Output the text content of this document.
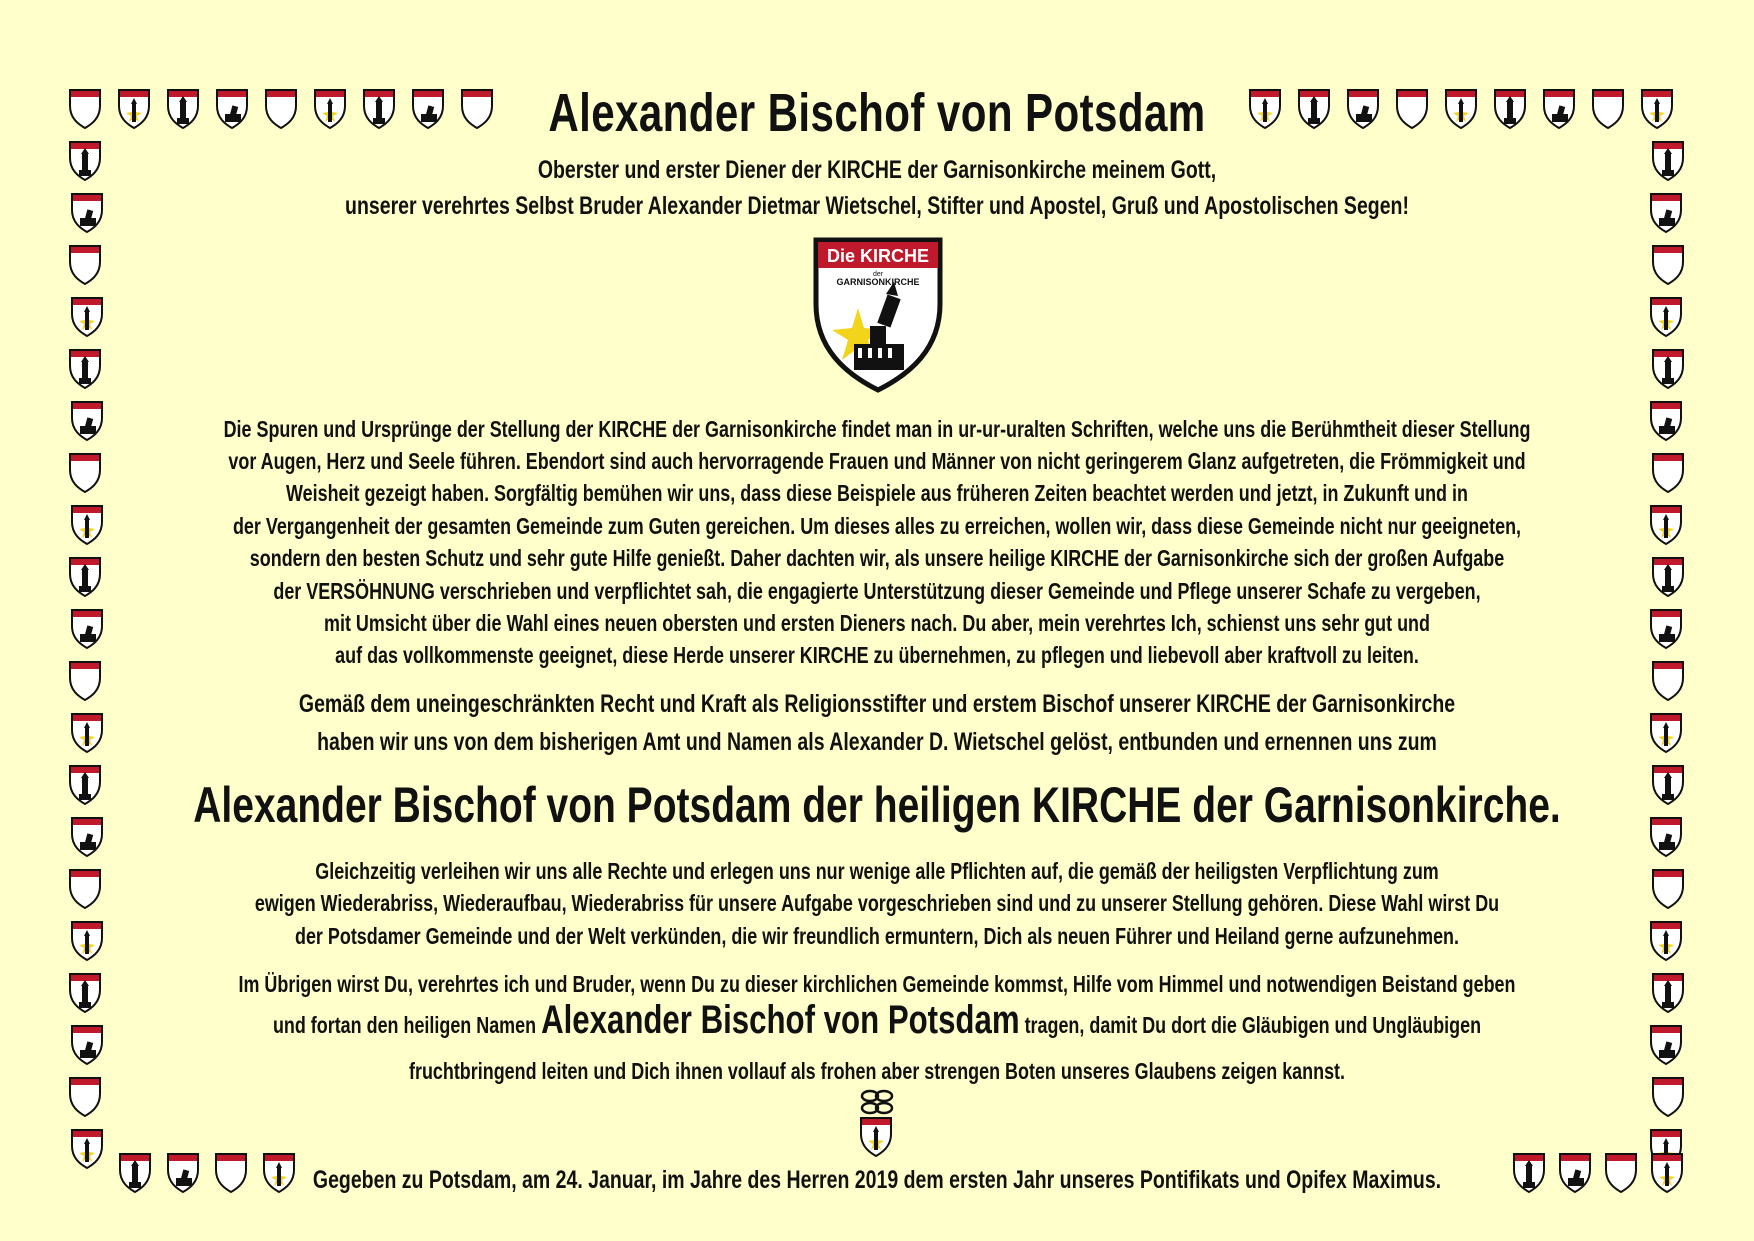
Die KIRCHE
der
GARNISONKIRCHE
Alexander Bischof von Potsdam

Oberster und erster Diener der KIRCHE der Garnisonkirche meinem Gott,

unserer verehrtes Selbst Bruder Alexander Dietmar Wietschel, Stifter und Apostel, Gruß und Apostolischen Segen!

Die Spuren und Ursprünge der Stellung der KIRCHE der Garnisonkirche findet man in ur-ur-uralten Schriften, welche uns die Berühmtheit dieser Stellung

vor Augen, Herz und Seele führen. Ebendort sind auch hervorragende Frauen und Männer von nicht geringerem Glanz aufgetreten, die Frömmigkeit und

Weisheit gezeigt haben. Sorgfältig bemühen wir uns, dass diese Beispiele aus früheren Zeiten beachtet werden und jetzt, in Zukunft und in

der Vergangenheit der gesamten Gemeinde zum Guten gereichen. Um dieses alles zu erreichen, wollen wir, dass diese Gemeinde nicht nur geeigneten,

sondern den besten Schutz und sehr gute Hilfe genießt. Daher dachten wir, als unsere heilige KIRCHE der Garnisonkirche sich der großen Aufgabe

der VERSÖHNUNG verschrieben und verpflichtet sah, die engagierte Unterstützung dieser Gemeinde und Pflege unserer Schafe zu vergeben,

mit Umsicht über die Wahl eines neuen obersten und ersten Dieners nach. Du aber, mein verehrtes Ich, schienst uns sehr gut und

auf das vollkommenste geeignet, diese Herde unserer KIRCHE zu übernehmen, zu pflegen und liebevoll aber kraftvoll zu leiten.

Gemäß dem uneingeschränkten Recht und Kraft als Religionsstifter und erstem Bischof unserer KIRCHE der Garnisonkirche

haben wir uns von dem bisherigen Amt und Namen als Alexander D. Wietschel gelöst, entbunden und ernennen uns zum

Alexander Bischof von Potsdam der heiligen KIRCHE der Garnisonkirche.

Gleichzeitig verleihen wir uns alle Rechte und erlegen uns nur wenige alle Pflichten auf, die gemäß der heiligsten Verpflichtung zum

ewigen Wiederabriss, Wiederaufbau, Wiederabriss für unsere Aufgabe vorgeschrieben sind und zu unserer Stellung gehören. Diese Wahl wirst Du

der Potsdamer Gemeinde und der Welt verkünden, die wir freundlich ermuntern, Dich als neuen Führer und Heiland gerne aufzunehmen.

Im Übrigen wirst Du, verehrtes ich und Bruder, wenn Du zu dieser kirchlichen Gemeinde kommst, Hilfe vom Himmel und notwendigen Beistand geben

und fortan den heiligen Namen Alexander Bischof von Potsdam tragen, damit Du dort die Gläubigen und Ungläubigen

fruchtbringend leiten und Dich ihnen vollauf als frohen aber strengen Boten unseres Glaubens zeigen kannst.

Gegeben zu Potsdam, am 24. Januar, im Jahre des Herren 2019 dem ersten Jahr unseres Pontifikats und Opifex Maximus.
